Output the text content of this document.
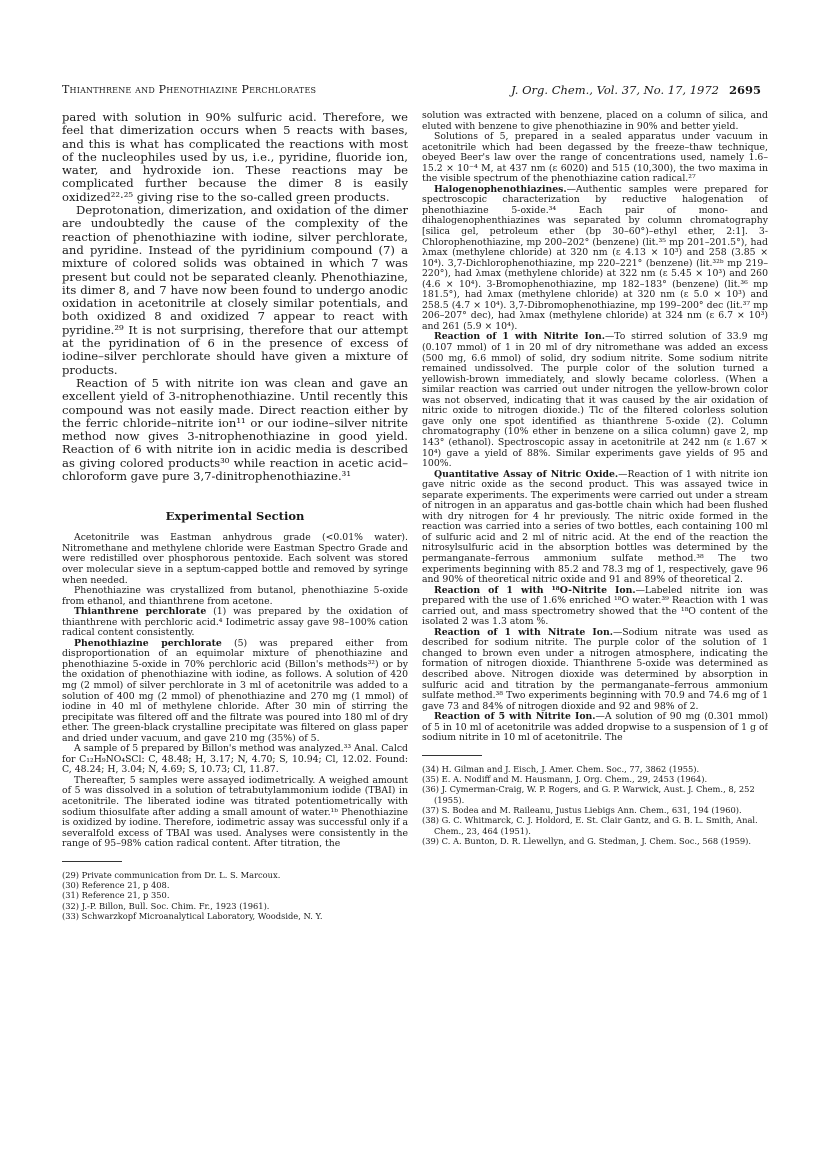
Thianthrene and Phenothiazine Perchlorates	J. Org. Chem., Vol. 37, No. 17, 1972 2695

pared with solution in 90% sulfuric acid. Therefore, we feel that dimerization occurs when 5 reacts with bases, and this is what has complicated the reactions with most of the nucleophiles used by us, i.e., pyridine, fluoride ion, water, and hydroxide ion. These reactions may be complicated further because the dimer 8 is easily oxidized²²·²⁵ giving rise to the so-called green products.

Deprotonation, dimerization, and oxidation of the dimer are undoubtedly the cause of the complexity of the reaction of phenothiazine with iodine, silver perchlorate, and pyridine. Instead of the pyridinium compound (7) a mixture of colored solids was obtained in which 7 was present but could not be separated cleanly. Phenothiazine, its dimer 8, and 7 have now been found to undergo anodic oxidation in acetonitrile at closely similar potentials, and both oxidized 8 and oxidized 7 appear to react with pyridine.²⁹ It is not surprising, therefore that our attempt at the pyridination of 6 in the presence of excess of iodine–silver perchlorate should have given a mixture of products.

Reaction of 5 with nitrite ion was clean and gave an excellent yield of 3-nitrophenothiazine. Until recently this compound was not easily made. Direct reaction either by the ferric chloride–nitrite ion¹¹ or our iodine–silver nitrite method now gives 3-nitrophenothiazine in good yield. Reaction of 6 with nitrite ion in acidic media is described as giving colored products³⁰ while reaction in acetic acid–chloroform gave pure 3,7-dinitrophenothiazine.³¹

Experimental Section

Acetonitrile was Eastman anhydrous grade (<0.01% water). Nitromethane and methylene chloride were Eastman Spectro Grade and were redistilled over phosphorous pentoxide. Each solvent was stored over molecular sieve in a septum-capped bottle and removed by syringe when needed.

Phenothiazine was crystallized from butanol, phenothiazine 5-oxide from ethanol, and thianthrene from acetone.

Thianthrene perchlorate (1) was prepared by the oxidation of thianthrene with perchloric acid.⁴ Iodimetric assay gave 98–100% cation radical content consistently.

Phenothiazine perchlorate (5) was prepared either from disproportionation of an equimolar mixture of phenothiazine and phenothiazine 5-oxide in 70% perchloric acid (Billon's methods³²) or by the oxidation of phenothiazine with iodine, as follows. A solution of 420 mg (2 mmol) of silver perchlorate in 3 ml of acetonitrile was added to a solution of 400 mg (2 mmol) of phenothiazine and 270 mg (1 mmol) of iodine in 40 ml of methylene chloride. After 30 min of stirring the precipitate was filtered off and the filtrate was poured into 180 ml of dry ether. The green-black crystalline precipitate was filtered on glass paper and dried under vacuum, and gave 210 mg (35%) of 5.

A sample of 5 prepared by Billon's method was analyzed.³³ Anal. Calcd for C₁₂H₉NO₄SCl: C, 48.48; H, 3.17; N, 4.70; S, 10.94; Cl, 12.02. Found: C, 48.24; H, 3.04; N, 4.69; S, 10.73; Cl, 11.87.

Thereafter, 5 samples were assayed iodimetrically. A weighed amount of 5 was dissolved in a solution of tetrabutylammonium iodide (TBAI) in acetonitrile. The liberated iodine was titrated potentiometrically with sodium thiosulfate after adding a small amount of water.¹ᵇ Phenothiazine is oxidized by iodine. Therefore, iodimetric assay was successful only if a severalfold excess of TBAI was used. Analyses were consistently in the range of 95–98% cation radical content. After titration, the

(29) Private communication from Dr. L. S. Marcoux.
(30) Reference 21, p 408.
(31) Reference 21, p 350.
(32) J.-P. Billon, Bull. Soc. Chim. Fr., 1923 (1961).
(33) Schwarzkopf Microanalytical Laboratory, Woodside, N. Y.

solution was extracted with benzene, placed on a column of silica, and eluted with benzene to give phenothiazine in 90% and better yield.

Solutions of 5, prepared in a sealed apparatus under vacuum in acetonitrile which had been degassed by the freeze–thaw technique, obeyed Beer's law over the range of concentrations used, namely 1.6–15.2 × 10⁻⁴ M, at 437 nm (ε 6020) and 515 (10,300), the two maxima in the visible spectrum of the phenothiazine cation radical.²⁷

Halogenophenothiazines.—Authentic samples were prepared for spectroscopic characterization by reductive halogenation of phenothiazine 5-oxide.³⁴ Each pair of mono- and dihalogenophenthiazines was separated by column chromatography [silica gel, petroleum ether (bp 30–60°)–ethyl ether, 2:1]. 3-Chlorophenothiazine, mp 200–202° (benzene) (lit.³⁵ mp 201–201.5°), had λmax (methylene chloride) at 320 nm (ε 4.13 × 10³) and 258 (3.85 × 10⁴). 3,7-Dichlorophenothiazine, mp 220–221° (benzene) (lit.³²ᵇ mp 219–220°), had λmax (methylene chloride) at 322 nm (ε 5.45 × 10³) and 260 (4.6 × 10⁴). 3-Bromophenothiazine, mp 182–183° (benzene) (lit.³⁶ mp 181.5°), had λmax (methylene chloride) at 320 nm (ε 5.0 × 10³) and 258.5 (4.7 × 10⁴). 3,7-Dibromophenothiazine, mp 199–200° dec (lit.³⁷ mp 206–207° dec), had λmax (methylene chloride) at 324 nm (ε 6.7 × 10³) and 261 (5.9 × 10⁴).

Reaction of 1 with Nitrite Ion.—To stirred solution of 33.9 mg (0.107 mmol) of 1 in 20 ml of dry nitromethane was added an excess (500 mg, 6.6 mmol) of solid, dry sodium nitrite. Some sodium nitrite remained undissolved. The purple color of the solution turned a yellowish-brown immediately, and slowly became colorless. (When a similar reaction was carried out under nitrogen the yellow-brown color was not observed, indicating that it was caused by the air oxidation of nitric oxide to nitrogen dioxide.) Tlc of the filtered colorless solution gave only one spot identified as thianthrene 5-oxide (2). Column chromatography (10% ether in benzene on a silica column) gave 2, mp 143° (ethanol). Spectroscopic assay in acetonitrile at 242 nm (ε 1.67 × 10⁴) gave a yield of 88%. Similar experiments gave yields of 95 and 100%.

Quantitative Assay of Nitric Oxide.—Reaction of 1 with nitrite ion gave nitric oxide as the second product. This was assayed twice in separate experiments. The experiments were carried out under a stream of nitrogen in an apparatus and gas-bottle chain which had been flushed with dry nitrogen for 4 hr previously. The nitric oxide formed in the reaction was carried into a series of two bottles, each containing 100 ml of sulfuric acid and 2 ml of nitric acid. At the end of the reaction the nitrosylsulfuric acid in the absorption bottles was determined by the permanganate–ferrous ammonium sulfate method.³⁸ The two experiments beginning with 85.2 and 78.3 mg of 1, respectively, gave 96 and 90% of theoretical nitric oxide and 91 and 89% of theoretical 2.

Reaction of 1 with ¹⁸O-Nitrite Ion.—Labeled nitrite ion was prepared with the use of 1.6% enriched ¹⁸O water.³⁹ Reaction with 1 was carried out, and mass spectrometry showed that the ¹⁸O content of the isolated 2 was 1.3 atom %.

Reaction of 1 with Nitrate Ion.—Sodium nitrate was used as described for sodium nitrite. The purple color of the solution of 1 changed to brown even under a nitrogen atmosphere, indicating the formation of nitrogen dioxide. Thianthrene 5-oxide was determined as described above. Nitrogen dioxide was determined by absorption in sulfuric acid and titration by the permanganate–ferrous ammonium sulfate method.³⁸ Two experiments beginning with 70.9 and 74.6 mg of 1 gave 73 and 84% of nitrogen dioxide and 92 and 98% of 2.

Reaction of 5 with Nitrite Ion.—A solution of 90 mg (0.301 mmol) of 5 in 10 ml of acetonitrile was added dropwise to a suspension of 1 g of sodium nitrite in 10 ml of acetonitrile. The

(34) H. Gilman and J. Eisch, J. Amer. Chem. Soc., 77, 3862 (1955).
(35) E. A. Nodiff and M. Hausmann, J. Org. Chem., 29, 2453 (1964).
(36) J. Cymerman-Craig, W. P. Rogers, and G. P. Warwick, Aust. J. Chem., 8, 252 (1955).
(37) S. Bodea and M. Raileanu, Justus Liebigs Ann. Chem., 631, 194 (1960).
(38) G. C. Whitmarck, C. J. Holdord, E. St. Clair Gantz, and G. B. L. Smith, Anal. Chem., 23, 464 (1951).
(39) C. A. Bunton, D. R. Llewellyn, and G. Stedman, J. Chem. Soc., 568 (1959).
